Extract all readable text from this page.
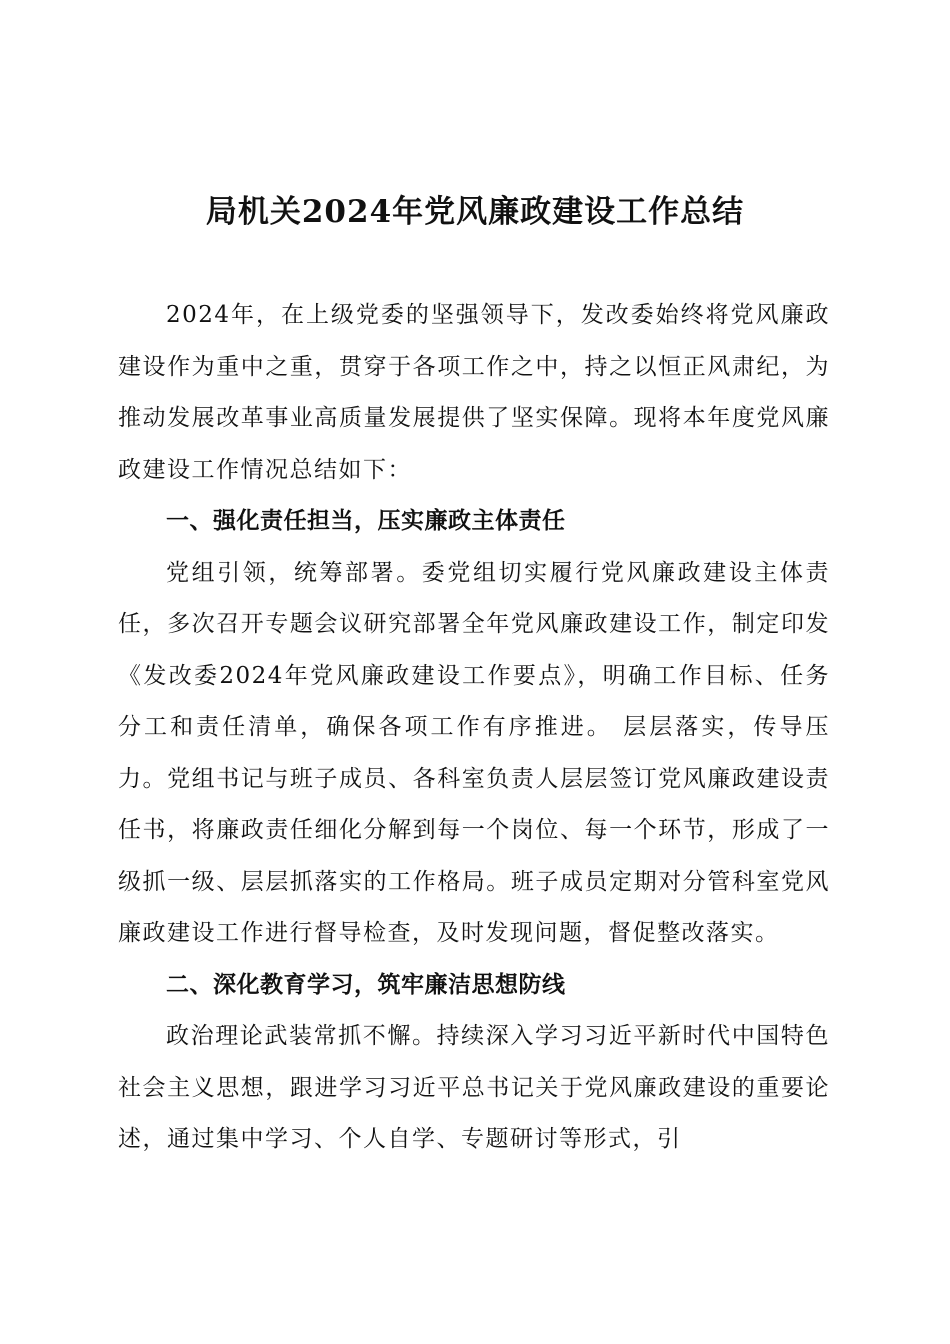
局机关2024年党风廉政建设工作总结

2024年，在上级党委的坚强领导下，发改委始终将党风廉政建设作为重中之重，贯穿于各项工作之中，持之以恒正风肃纪，为推动发展改革事业高质量发展提供了坚实保障。现将本年度党风廉政建设工作情况总结如下：

一、强化责任担当，压实廉政主体责任

党组引领，统筹部署。委党组切实履行党风廉政建设主体责任，多次召开专题会议研究部署全年党风廉政建设工作，制定印发《发改委2024年党风廉政建设工作要点》，明确工作目标、任务分工和责任清单，确保各项工作有序推进。 层层落实，传导压力。党组书记与班子成员、各科室负责人层层签订党风廉政建设责任书，将廉政责任细化分解到每一个岗位、每一个环节，形成了一级抓一级、层层抓落实的工作格局。班子成员定期对分管科室党风廉政建设工作进行督导检查，及时发现问题，督促整改落实。

二、深化教育学习，筑牢廉洁思想防线

政治理论武装常抓不懈。持续深入学习习近平新时代中国特色社会主义思想，跟进学习习近平总书记关于党风廉政建设的重要论述，通过集中学习、个人自学、专题研讨等形式，引
